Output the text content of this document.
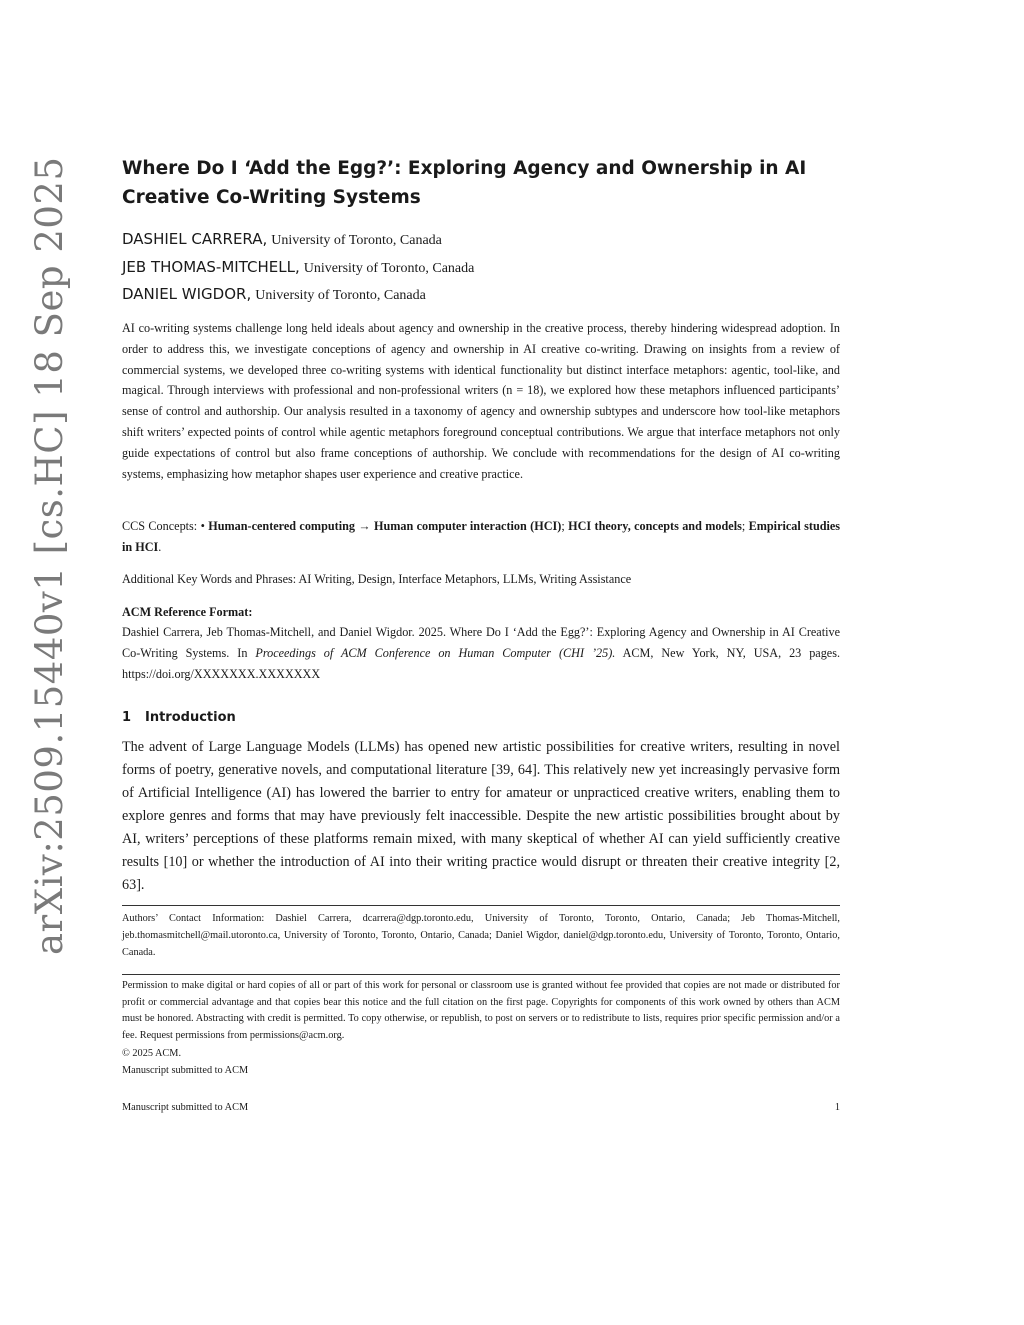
arXiv:2509.15440v1 [cs.HC] 18 Sep 2025	Where Do I ‘Add the Egg?’: Exploring Agency and Ownership in AI Creative Co-Writing Systems
DASHIEL CARRERA, University of Toronto, Canada
JEB THOMAS-MITCHELL, University of Toronto, Canada
DANIEL WIGDOR, University of Toronto, Canada

AI co-writing systems challenge long held ideals about agency and ownership in the creative process, thereby hindering widespread adoption. In order to address this, we investigate conceptions of agency and ownership in AI creative co-writing. Drawing on insights from a review of commercial systems, we developed three co-writing systems with identical functionality but distinct interface metaphors: agentic, tool-like, and magical. Through interviews with professional and non-professional writers (n = 18), we explored how these metaphors influenced participants’ sense of control and authorship. Our analysis resulted in a taxonomy of agency and ownership subtypes and underscore how tool-like metaphors shift writers’ expected points of control while agentic metaphors foreground conceptual contributions. We argue that interface metaphors not only guide expectations of control but also frame conceptions of authorship. We conclude with recommendations for the design of AI co-writing systems, emphasizing how metaphor shapes user experience and creative practice.

CCS Concepts: • Human-centered computing → Human computer interaction (HCI); HCI theory, concepts and models; Empirical studies in HCI.

Additional Key Words and Phrases: AI Writing, Design, Interface Metaphors, LLMs, Writing Assistance

ACM Reference Format:

Dashiel Carrera, Jeb Thomas-Mitchell, and Daniel Wigdor. 2025. Where Do I ‘Add the Egg?’: Exploring Agency and Ownership in AI Creative Co-Writing Systems. In Proceedings of ACM Conference on Human Computer (CHI ’25). ACM, New York, NY, USA, 23 pages. https://doi.org/XXXXXXX.XXXXXXX

1 Introduction

The advent of Large Language Models (LLMs) has opened new artistic possibilities for creative writers, resulting in novel forms of poetry, generative novels, and computational literature [39, 64]. This relatively new yet increasingly pervasive form of Artificial Intelligence (AI) has lowered the barrier to entry for amateur or unpracticed creative writers, enabling them to explore genres and forms that may have previously felt inaccessible. Despite the new artistic possibilities brought about by AI, writers’ perceptions of these platforms remain mixed, with many skeptical of whether AI can yield sufficiently creative results [10] or whether the introduction of AI into their writing practice would disrupt or threaten their creative integrity [2, 63].

Authors’ Contact Information: Dashiel Carrera, dcarrera@dgp.toronto.edu, University of Toronto, Toronto, Ontario, Canada; Jeb Thomas-Mitchell, jeb.thomasmitchell@mail.utoronto.ca, University of Toronto, Toronto, Ontario, Canada; Daniel Wigdor, daniel@dgp.toronto.edu, University of Toronto, Toronto, Ontario, Canada.

Permission to make digital or hard copies of all or part of this work for personal or classroom use is granted without fee provided that copies are not made or distributed for profit or commercial advantage and that copies bear this notice and the full citation on the first page. Copyrights for components of this work owned by others than ACM must be honored. Abstracting with credit is permitted. To copy otherwise, or republish, to post on servers or to redistribute to lists, requires prior specific permission and/or a fee. Request permissions from permissions@acm.org.

© 2025 ACM.
Manuscript submitted to ACM
Manuscript submitted to ACM	1
